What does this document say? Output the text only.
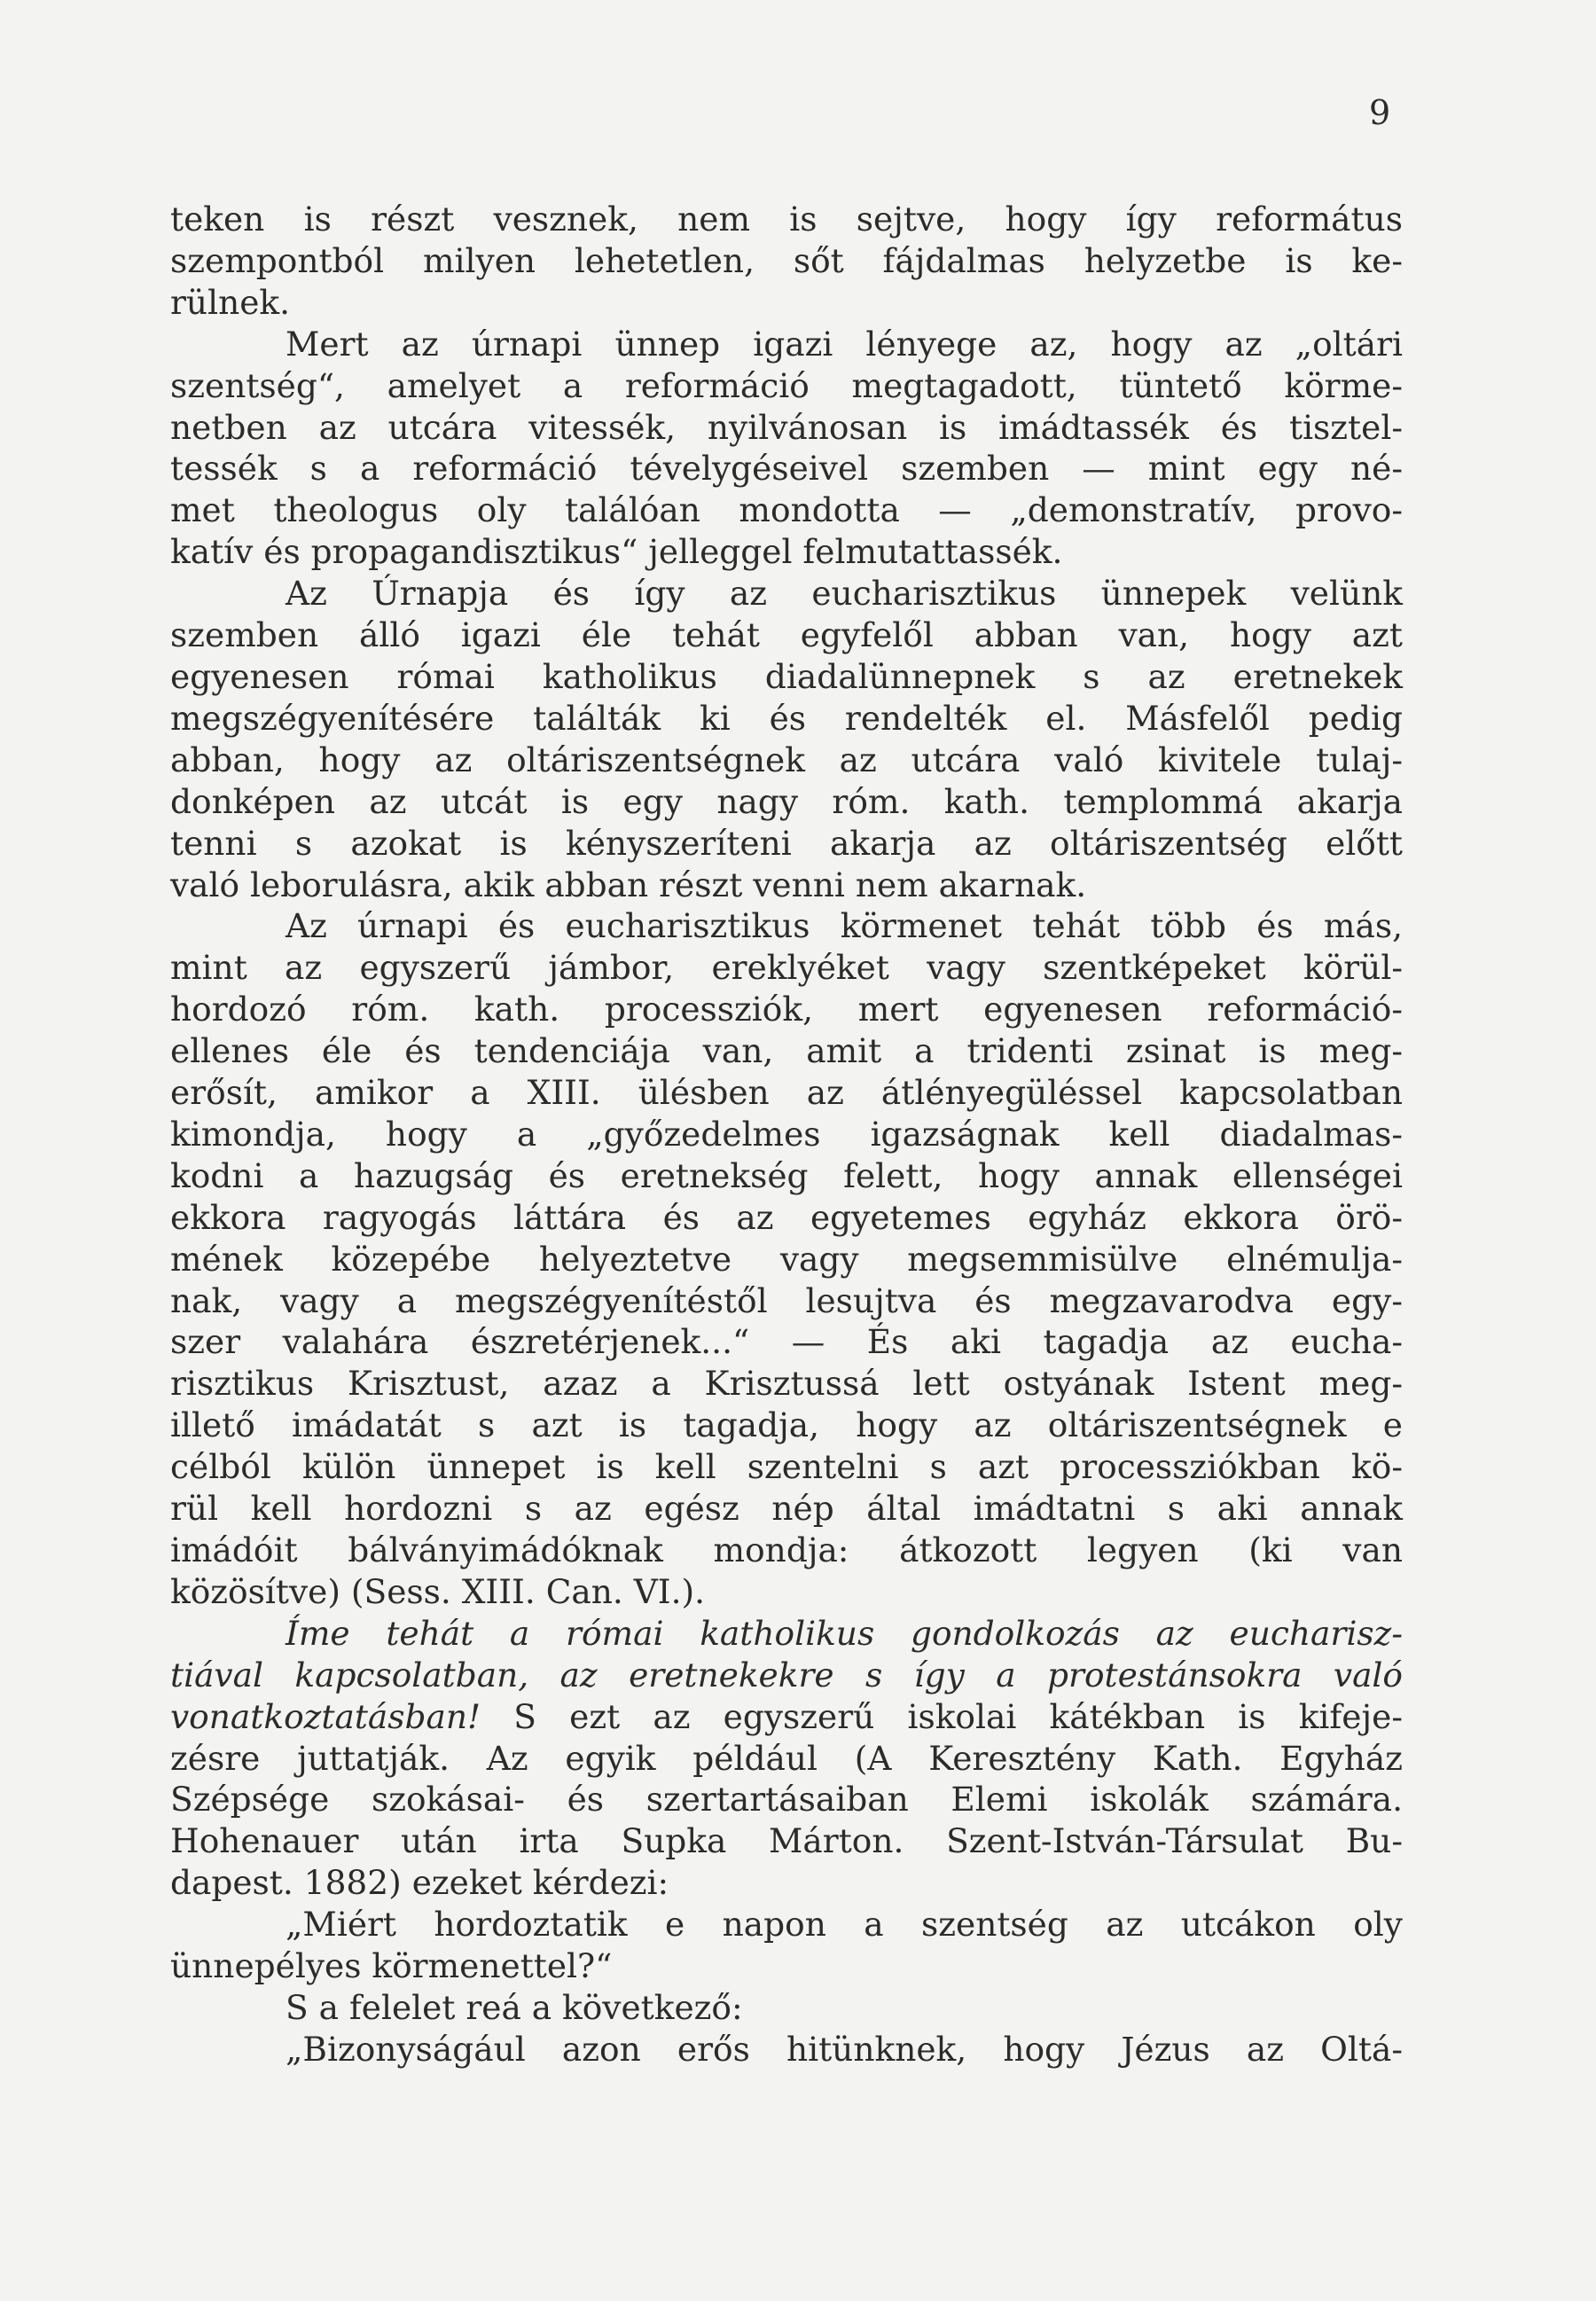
9
teken is részt vesznek, nem is sejtve, hogy így református
szempontból milyen lehetetlen, sőt fájdalmas helyzetbe is ke-
rülnek.
Mert az úrnapi ünnep igazi lényege az, hogy az „oltári
szentség“, amelyet a reformáció megtagadott, tüntető körme-
netben az utcára vitessék, nyilvánosan is imádtassék és tisztel-
tessék s a reformáció tévelygéseivel szemben — mint egy né-
met theologus oly találóan mondotta — „demonstratív, provo-
katív és propagandisztikus“ jelleggel felmutattassék.
Az Úrnapja és így az eucharisztikus ünnepek velünk
szemben álló igazi éle tehát egyfelől abban van, hogy azt
egyenesen római katholikus diadalünnepnek s az eretnekek
megszégyenítésére találták ki és rendelték el. Másfelől pedig
abban, hogy az oltáriszentségnek az utcára való kivitele tulaj-
donképen az utcát is egy nagy róm. kath. templommá akarja
tenni s azokat is kényszeríteni akarja az oltáriszentség előtt
való leborulásra, akik abban részt venni nem akarnak.
Az úrnapi és eucharisztikus körmenet tehát több és más,
mint az egyszerű jámbor, ereklyéket vagy szentképeket körül-
hordozó róm. kath. processziók, mert egyenesen reformáció-
ellenes éle és tendenciája van, amit a tridenti zsinat is meg-
erősít, amikor a XIII. ülésben az átlényegüléssel kapcsolatban
kimondja, hogy a „győzedelmes igazságnak kell diadalmas-
kodni a hazugság és eretnekség felett, hogy annak ellenségei
ekkora ragyogás láttára és az egyetemes egyház ekkora örö-
mének közepébe helyeztetve vagy megsemmisülve elnémulja-
nak, vagy a megszégyenítéstől lesujtva és megzavarodva egy-
szer valahára észretérjenek...“ — És aki tagadja az eucha-
risztikus Krisztust, azaz a Krisztussá lett ostyának Istent meg-
illető imádatát s azt is tagadja, hogy az oltáriszentségnek e
célból külön ünnepet is kell szentelni s azt processziókban kö-
rül kell hordozni s az egész nép által imádtatni s aki annak
imádóit bálványimádóknak mondja: átkozott legyen (ki van
közösítve) (Sess. XIII. Can. VI.).
Íme tehát a római katholikus gondolkozás az eucharisz-
tiával kapcsolatban, az eretnekekre s így a protestánsokra való
vonatkoztatásban! S ezt az egyszerű iskolai kátékban is kifeje-
zésre juttatják. Az egyik például (A Keresztény Kath. Egyház
Szépsége szokásai- és szertartásaiban Elemi iskolák számára.
Hohenauer után irta Supka Márton. Szent-István-Társulat Bu-
dapest. 1882) ezeket kérdezi:
„Miért hordoztatik e napon a szentség az utcákon oly
ünnepélyes körmenettel?“
S a felelet reá a következő:
„Bizonyságául azon erős hitünknek, hogy Jézus az Oltá-
